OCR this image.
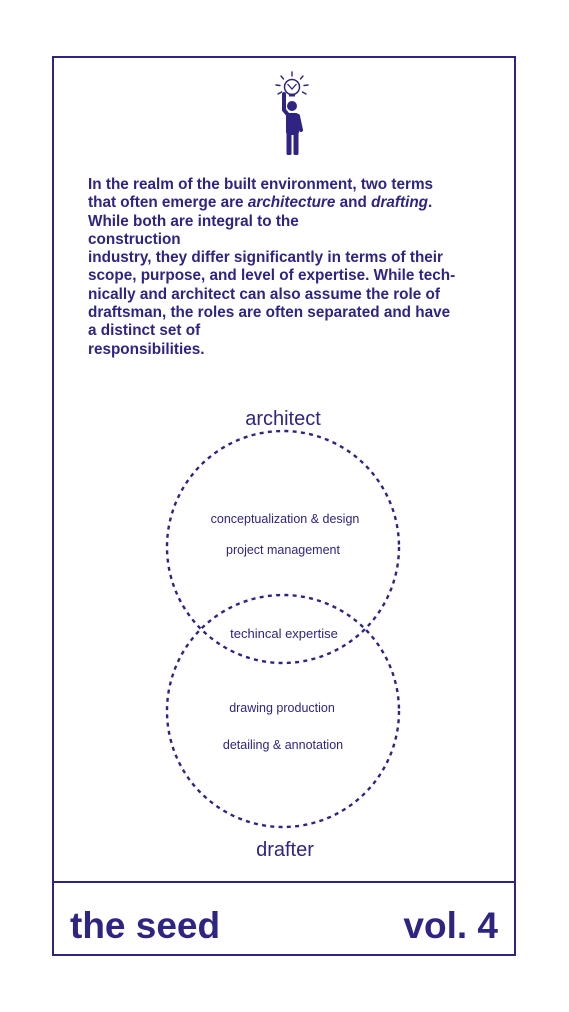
In the realm of the built environment, two terms
that often emerge are architecture and drafting.
While both are integral to the
construction
industry, they differ significantly in terms of their
scope, purpose, and level of expertise. While tech-
nically and architect can also assume the role of
draftsman, the roles are often separated and have
a distinct set of
responsibilities.

architect
conceptualization & design
project management
techincal expertise
drawing production
detailing & annotation
drafter
the seed	vol. 4
